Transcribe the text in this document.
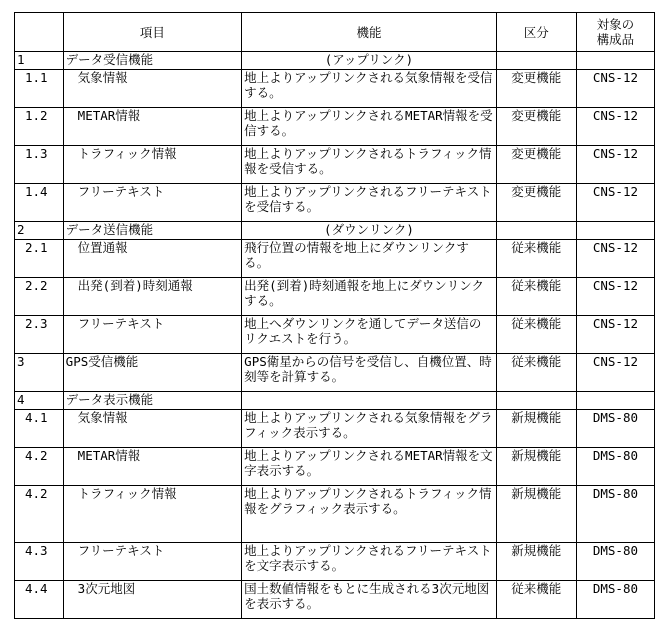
	項目	機能	区分	対象の
構成品

1	データ受信機能	(アップリンク)		
1.1	気象情報	地上よりアップリンクされる気象情報を受信する。	変更機能	CNS-12
1.2	METAR情報	地上よりアップリンクされるMETAR情報を受信する。	変更機能	CNS-12
1.3	トラフィック情報	地上よりアップリンクされるトラフィック情報を受信する。	変更機能	CNS-12
1.4	フリーテキスト	地上よりアップリンクされるフリーテキストを受信する。	変更機能	CNS-12
2	データ送信機能	(ダウンリンク)		
2.1	位置通報	飛行位置の情報を地上にダウンリンクする。	従来機能	CNS-12
2.2	出発(到着)時刻通報	出発(到着)時刻通報を地上にダウンリンクする。	従来機能	CNS-12
2.3	フリーテキスト	地上へダウンリンクを通してデータ送信のリクエストを行う。	従来機能	CNS-12
3	GPS受信機能	GPS衛星からの信号を受信し、自機位置、時刻等を計算する。	従来機能	CNS-12
4	データ表示機能			
4.1	気象情報	地上よりアップリンクされる気象情報をグラフィック表示する。	新規機能	DMS-80
4.2	METAR情報	地上よりアップリンクされるMETAR情報を文字表示する。	新規機能	DMS-80
4.2	トラフィック情報	地上よりアップリンクされるトラフィック情報をグラフィック表示する。	新規機能	DMS-80
4.3	フリーテキスト	地上よりアップリンクされるフリーテキストを文字表示する。	新規機能	DMS-80
4.4	3次元地図	国土数値情報をもとに生成される3次元地図を表示する。	従来機能	DMS-80
